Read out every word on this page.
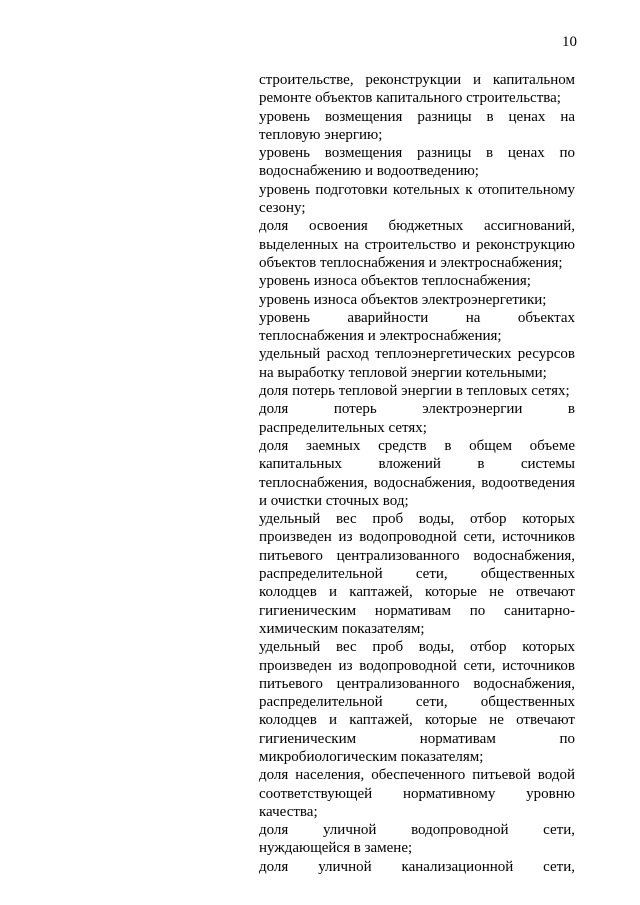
10

строительстве, реконструкции и капитальном ремонте объектов капитального строительства;

уровень возмещения разницы в ценах на тепловую энергию;

уровень возмещения разницы в ценах по водоснабжению и водоотведению;

уровень подготовки котельных к отопительному сезону;

доля освоения бюджетных ассигнований, выделенных на строительство и реконструкцию объектов теплоснабжения и электроснабжения;

уровень износа объектов теплоснабжения;

уровень износа объектов электроэнергетики;

уровень аварийности на объектах теплоснабжения и электроснабжения;

удельный расход теплоэнергетических ресурсов на выработку тепловой энергии котельными;

доля потерь тепловой энергии в тепловых сетях;

доля потерь электроэнергии в распределительных сетях;

доля заемных средств в общем объеме капитальных вложений в системы теплоснабжения, водоснабжения, водоотведения и очистки сточных вод;

удельный вес проб воды, отбор которых произведен из водопроводной сети, источников питьевого централизованного водоснабжения, распределительной сети, общественных колодцев и каптажей, которые не отвечают гигиеническим нормативам по санитарно-химическим показателям;

удельный вес проб воды, отбор которых произведен из водопроводной сети, источников питьевого централизованного водоснабжения, распределительной сети, общественных колодцев и каптажей, которые не отвечают гигиеническим нормативам по микробиологическим показателям;

доля населения, обеспеченного питьевой водой соответствующей нормативному уровню качества;

доля уличной водопроводной сети, нуждающейся в замене;

доля уличной канализационной сети,
